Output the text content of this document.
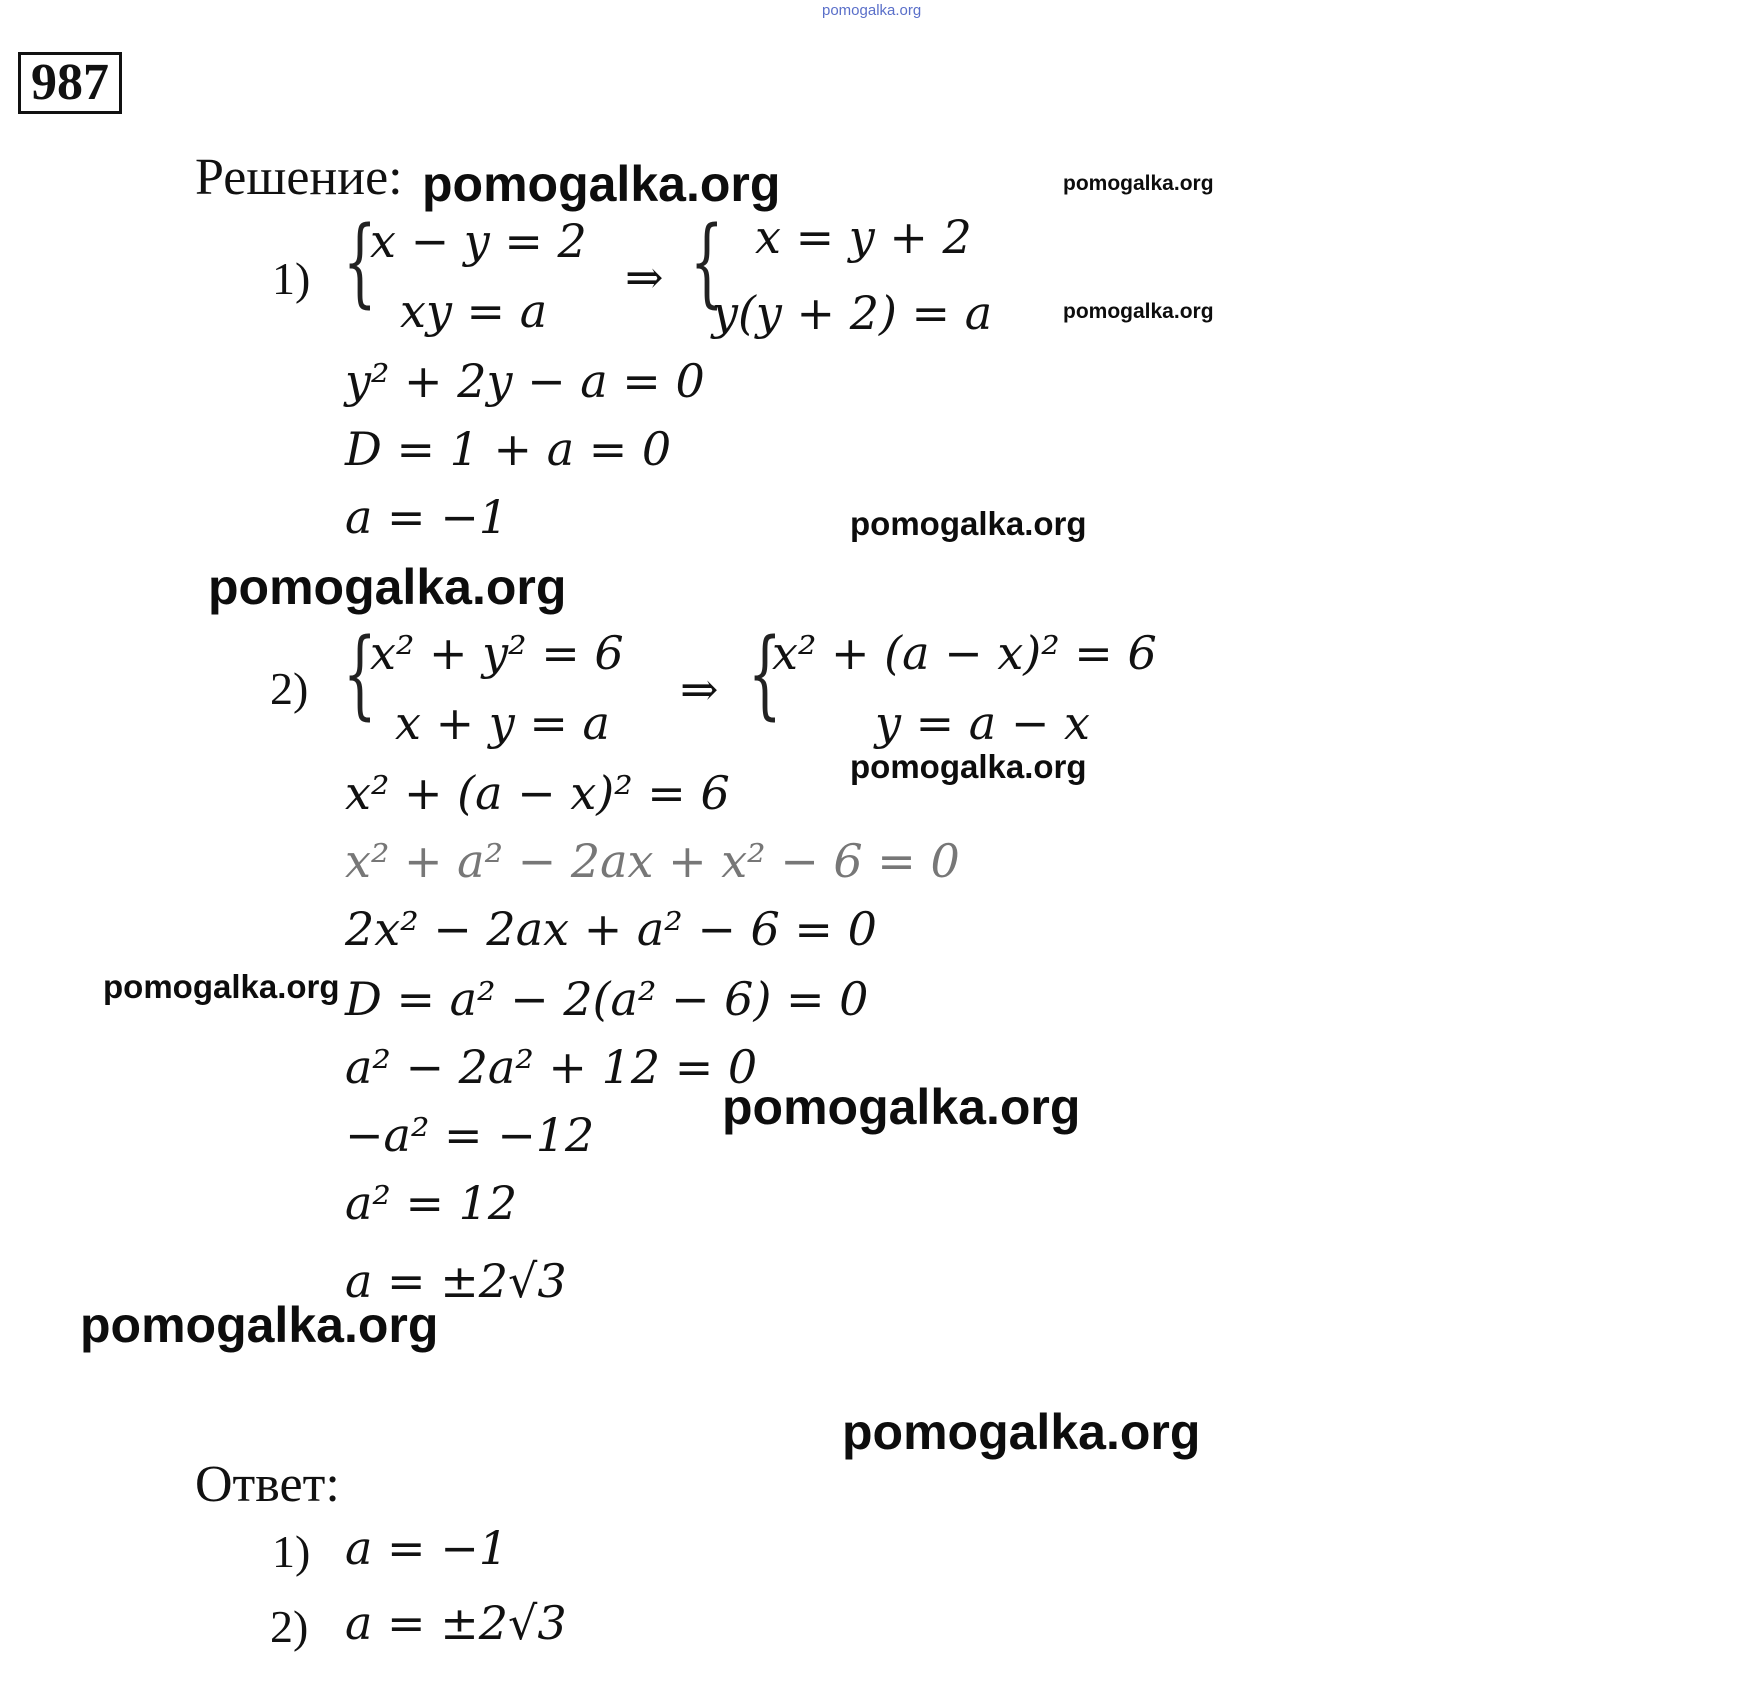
pomogalka.org
987
Решение:
1) {
x − y = 2
xy = a
⇒ { x = y + 2
y(y + 2) = a
y² + 2y − a = 0
D = 1 + a = 0
a = −1
2) {
x² + y² = 6
x + y = a
⇒ {
x² + (a − x)² = 6
y = a − x
x² + (a − x)² = 6
x² + a² − 2ax + x² − 6 = 0
2x² − 2ax + a² − 6 = 0
D = a² − 2(a² − 6) = 0
a² − 2a² + 12 = 0
−a² = −12
a² = 12
a = ±2√3
Ответ:
1) a = −1
2) a = ±2√3
pomogalka.org	pomogalka.org
pomogalka.org
pomogalka.org
pomogalka.org
pomogalka.org
pomogalka.org
pomogalka.org
pomogalka.org
pomogalka.org
